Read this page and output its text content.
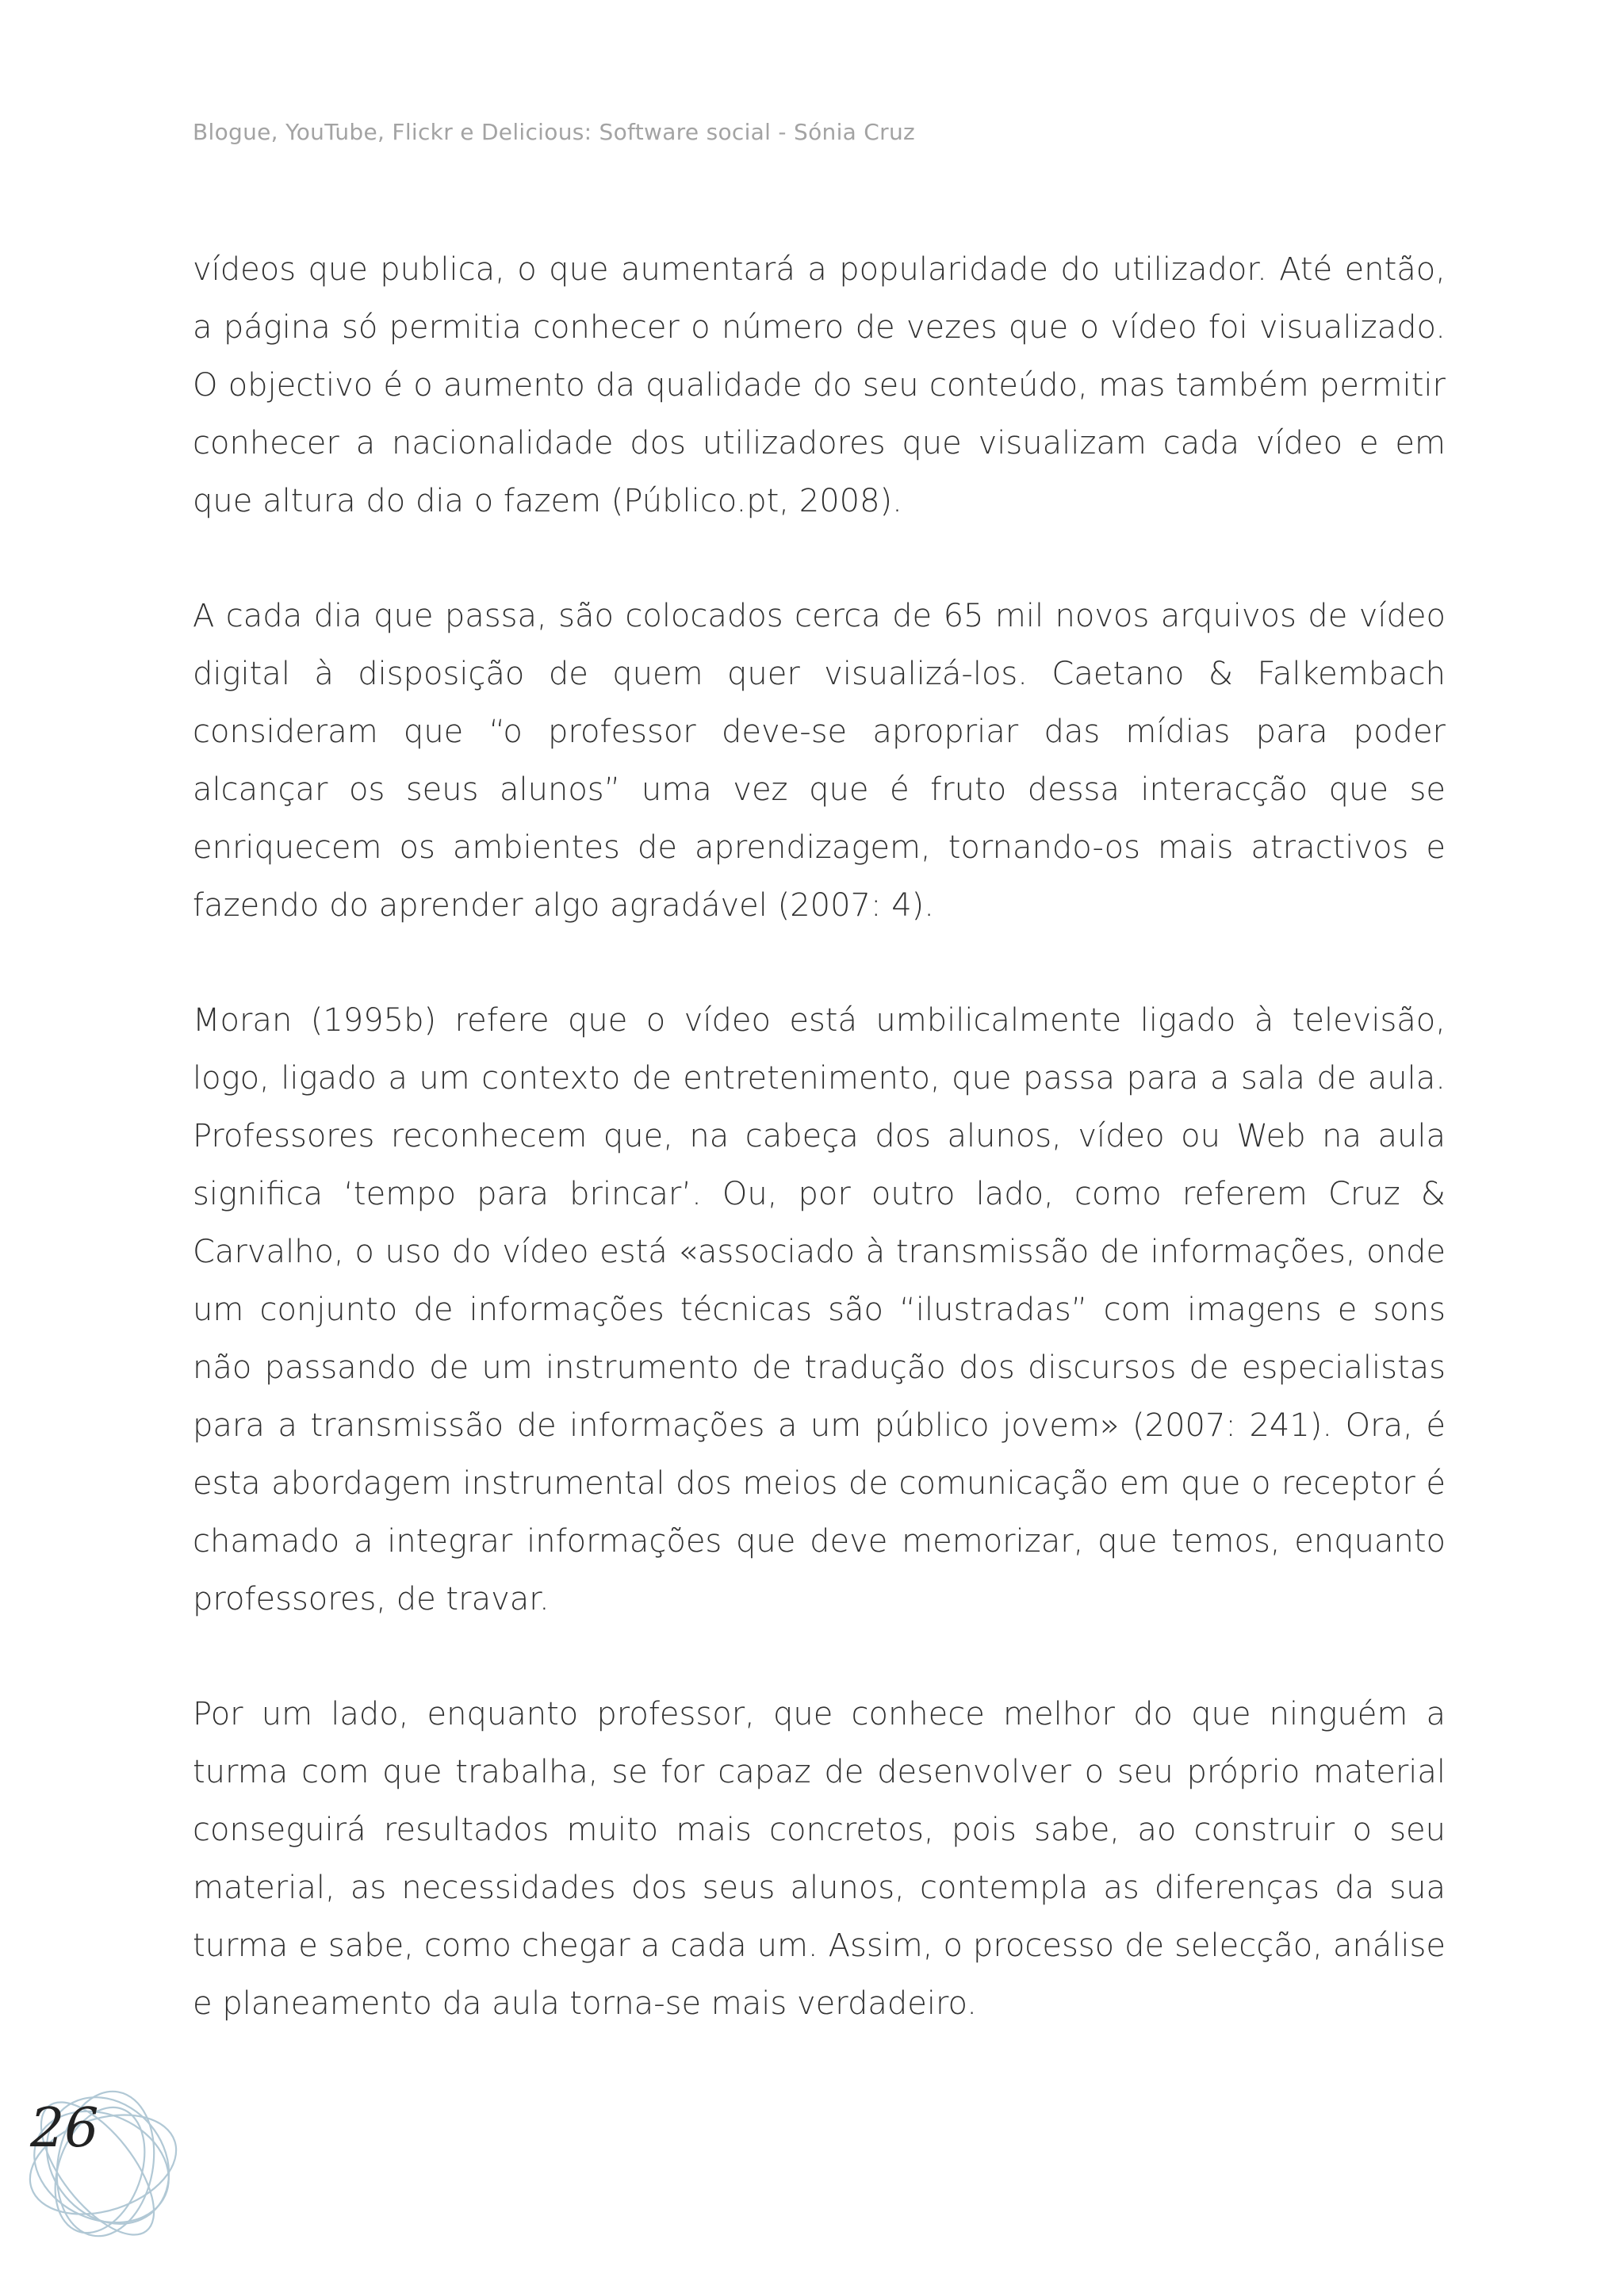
Blogue, YouTube, Flickr e Delicious: Software social - Sónia Cruz

vídeos que publica, o que aumentará a popularidade do utilizador. Até então, a página só permitia conhecer o número de vezes que o vídeo foi visualizado. O objectivo é o aumento da qualidade do seu conteúdo, mas também permitir conhecer a nacionalidade dos utilizadores que visualizam cada vídeo e em que altura do dia o fazem (Público.pt, 2008).

A cada dia que passa, são colocados cerca de 65 mil novos arquivos de vídeo digital à disposição de quem quer visualizá-los. Caetano & Falkembach consideram que “o professor deve-se apropriar das mídias para poder alcançar os seus alunos” uma vez que é fruto dessa interacção que se enriquecem os ambientes de aprendizagem, tornando-os mais atractivos e fazendo do aprender algo agradável (2007: 4).

Moran (1995b) refere que o vídeo está umbilicalmente ligado à televisão, logo, ligado a um contexto de entretenimento, que passa para a sala de aula. Professores reconhecem que, na cabeça dos alunos, vídeo ou Web na aula significa ‘tempo para brincar’. Ou, por outro lado, como referem Cruz & Carvalho, o uso do vídeo está «associado à transmissão de informações, onde um conjunto de informações técnicas são “ilustradas” com imagens e sons não passando de um instrumento de tradução dos discursos de especialistas para a transmissão de informações a um público jovem» (2007: 241). Ora, é esta abordagem instrumental dos meios de comunicação em que o receptor é chamado a integrar informações que deve memorizar, que temos, enquanto professores, de travar.

Por um lado, enquanto professor, que conhece melhor do que ninguém a turma com que trabalha, se for capaz de desenvolver o seu próprio material conseguirá resultados muito mais concretos, pois sabe, ao construir o seu material, as necessidades dos seus alunos, contempla as diferenças da sua turma e sabe, como chegar a cada um. Assim, o processo de selecção, análise e planeamento da aula torna-se mais verdadeiro.

26
